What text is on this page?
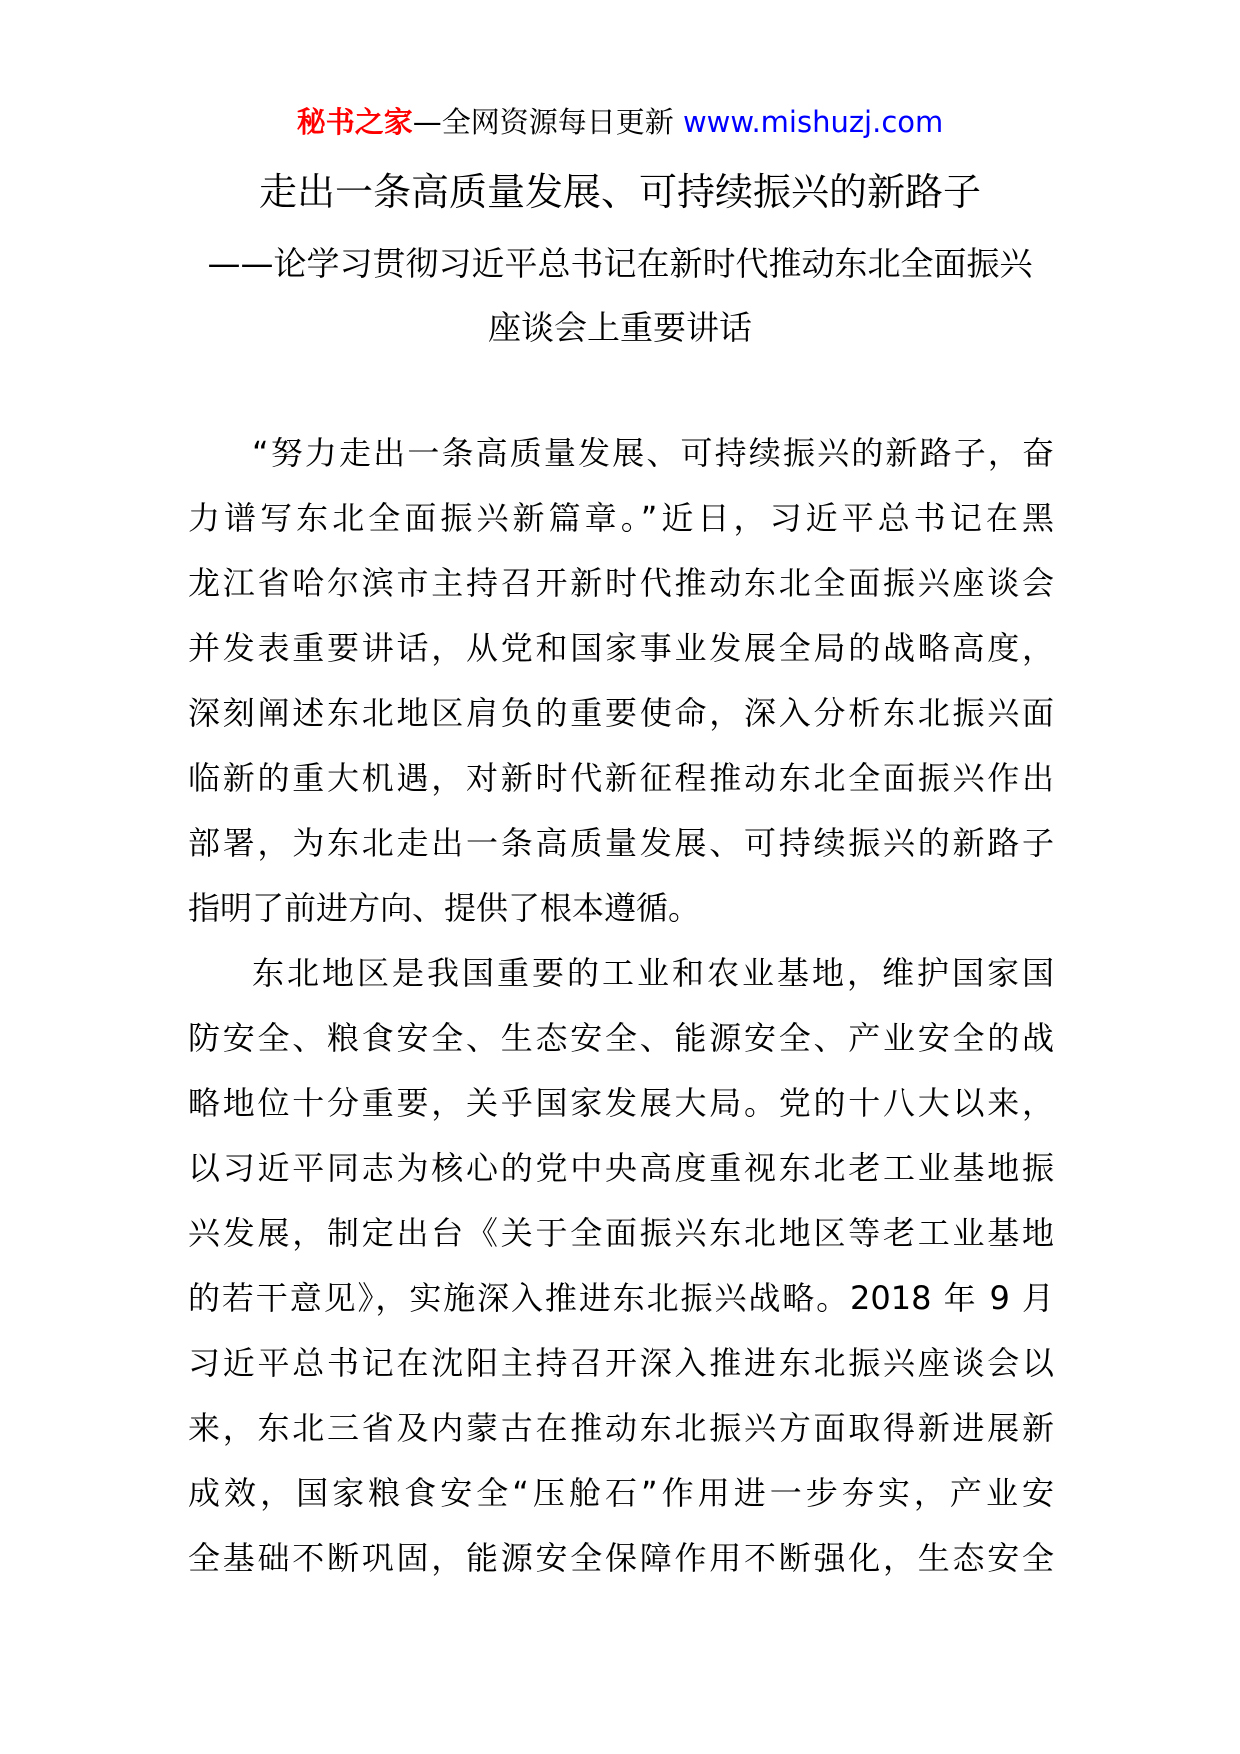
秘书之家—全网资源每日更新 www.mishuzj.com
走出一条高质量发展、可持续振兴的新路子
——论学习贯彻习近平总书记在新时代推动东北全面振兴
座谈会上重要讲话
“努力走出一条高质量发展、可持续振兴的新路子，奋
力谱写东北全面振兴新篇章。”近日，习近平总书记在黑
龙江省哈尔滨市主持召开新时代推动东北全面振兴座谈会
并发表重要讲话，从党和国家事业发展全局的战略高度，
深刻阐述东北地区肩负的重要使命，深入分析东北振兴面
临新的重大机遇，对新时代新征程推动东北全面振兴作出
部署，为东北走出一条高质量发展、可持续振兴的新路子
指明了前进方向、提供了根本遵循。
东北地区是我国重要的工业和农业基地，维护国家国
防安全、粮食安全、生态安全、能源安全、产业安全的战
略地位十分重要，关乎国家发展大局。党的十八大以来，
以习近平同志为核心的党中央高度重视东北老工业基地振
兴发展，制定出台《关于全面振兴东北地区等老工业基地
的若干意见》，实施深入推进东北振兴战略。2018 年 9 月
习近平总书记在沈阳主持召开深入推进东北振兴座谈会以
来，东北三省及内蒙古在推动东北振兴方面取得新进展新
成效，国家粮食安全“压舱石”作用进一步夯实，产业安
全基础不断巩固，能源安全保障作用不断强化，生态安全
